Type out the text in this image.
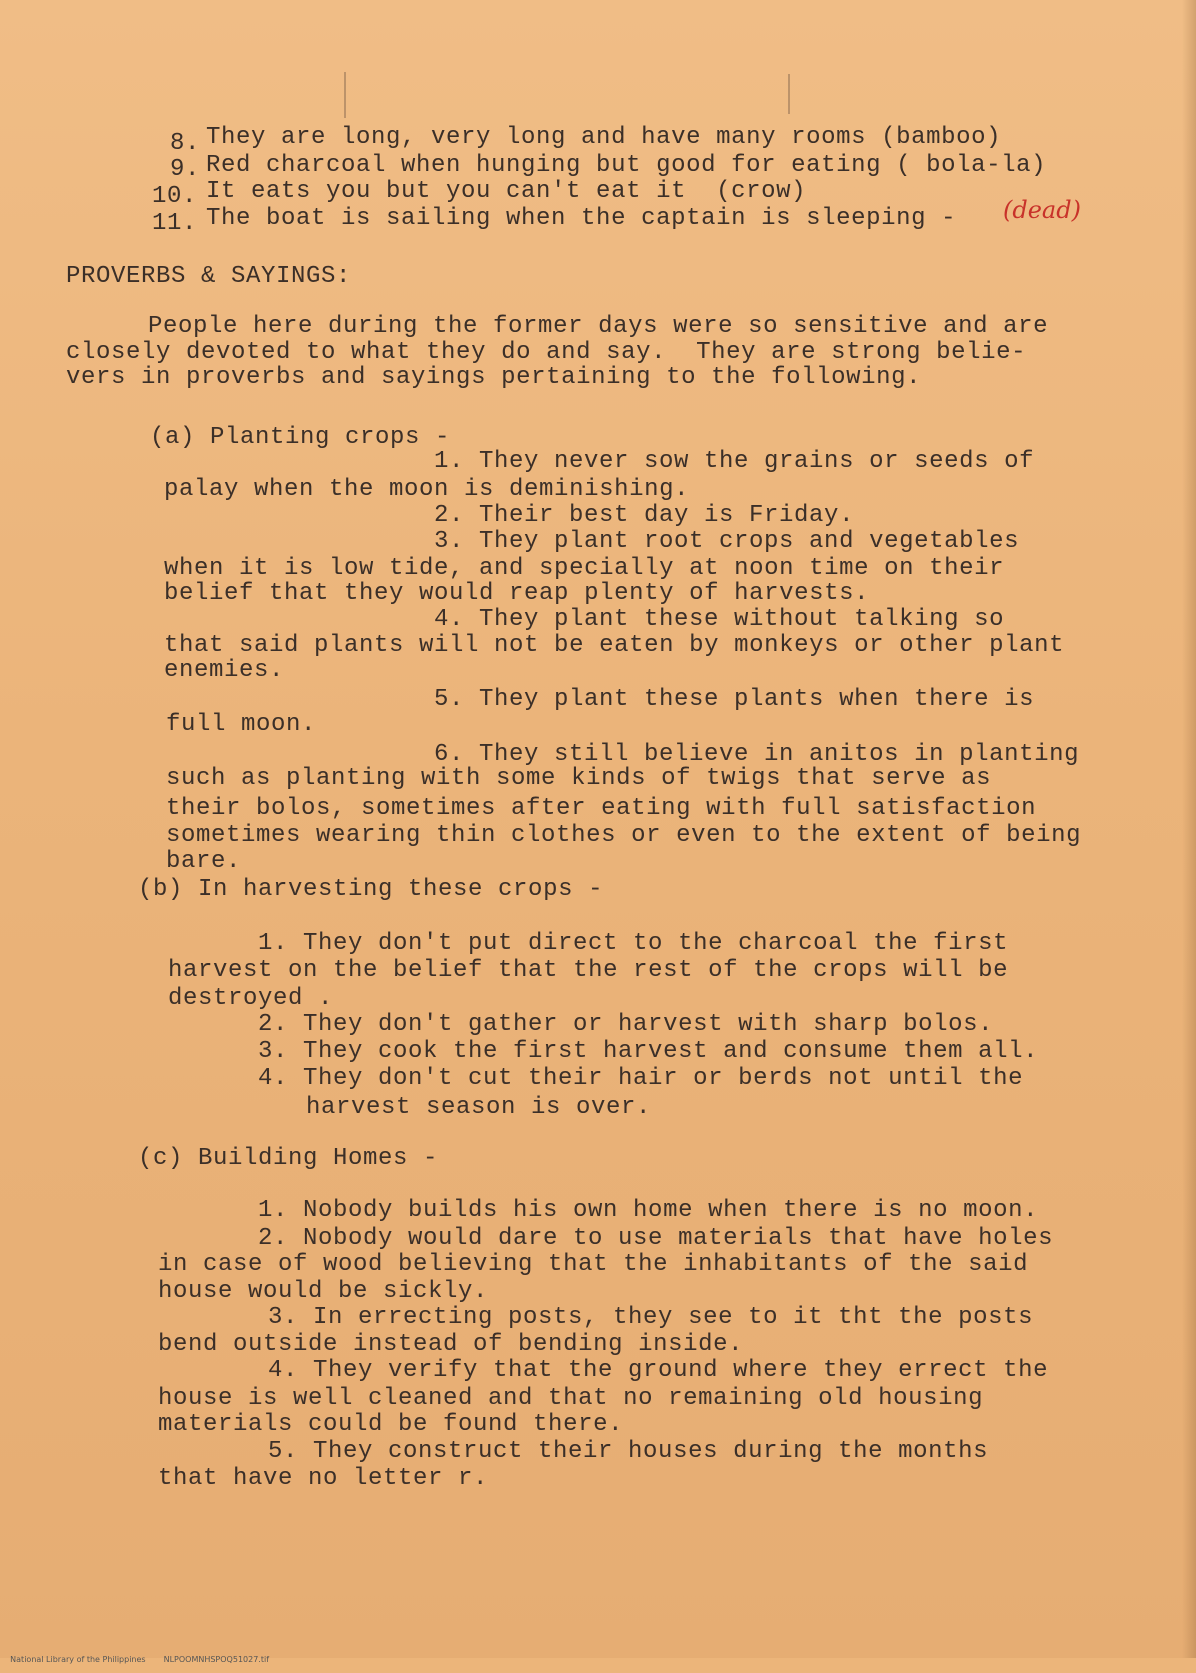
8. They are long, very long and have many rooms (bamboo)
9. Red charcoal when hunging but good for eating ( bola-la)
10. It eats you but you can't eat it  (crow)
11. The boat is sailing when the captain is sleeping - (dead)
PROVERBS & SAYINGS:
People here during the former days were so sensitive and are
closely devoted to what they do and say.  They are strong belie-
vers in proverbs and sayings pertaining to the following.
(a) Planting crops -
1. They never sow the grains or seeds of
palay when the moon is deminishing.
2. Their best day is Friday.
3. They plant root crops and vegetables
when it is low tide, and specially at noon time on their
belief that they would reap plenty of harvests.
4. They plant these without talking so
that said plants will not be eaten by monkeys or other plant
enemies.
5. They plant these plants when there is
full moon.
6. They still believe in anitos in planting
such as planting with some kinds of twigs that serve as
their bolos, sometimes after eating with full satisfaction
sometimes wearing thin clothes or even to the extent of being
bare.
(b) In harvesting these crops -
1. They don't put direct to the charcoal the first
harvest on the belief that the rest of the crops will be
destroyed .
2. They don't gather or harvest with sharp bolos.
3. They cook the first harvest and consume them all.
4. They don't cut their hair or berds not until the
harvest season is over.
(c) Building Homes -
1. Nobody builds his own home when there is no moon.
2. Nobody would dare to use materials that have holes
in case of wood believing that the inhabitants of the said
house would be sickly.
3. In errecting posts, they see to it tht the posts
bend outside instead of bending inside.
4. They verify that the ground where they errect the
house is well cleaned and that no remaining old housing
materials could be found there.
5. They construct their houses during the months
that have no letter r.

National Library of the Philippines NLPOOMNHSPOQ51027.tif
